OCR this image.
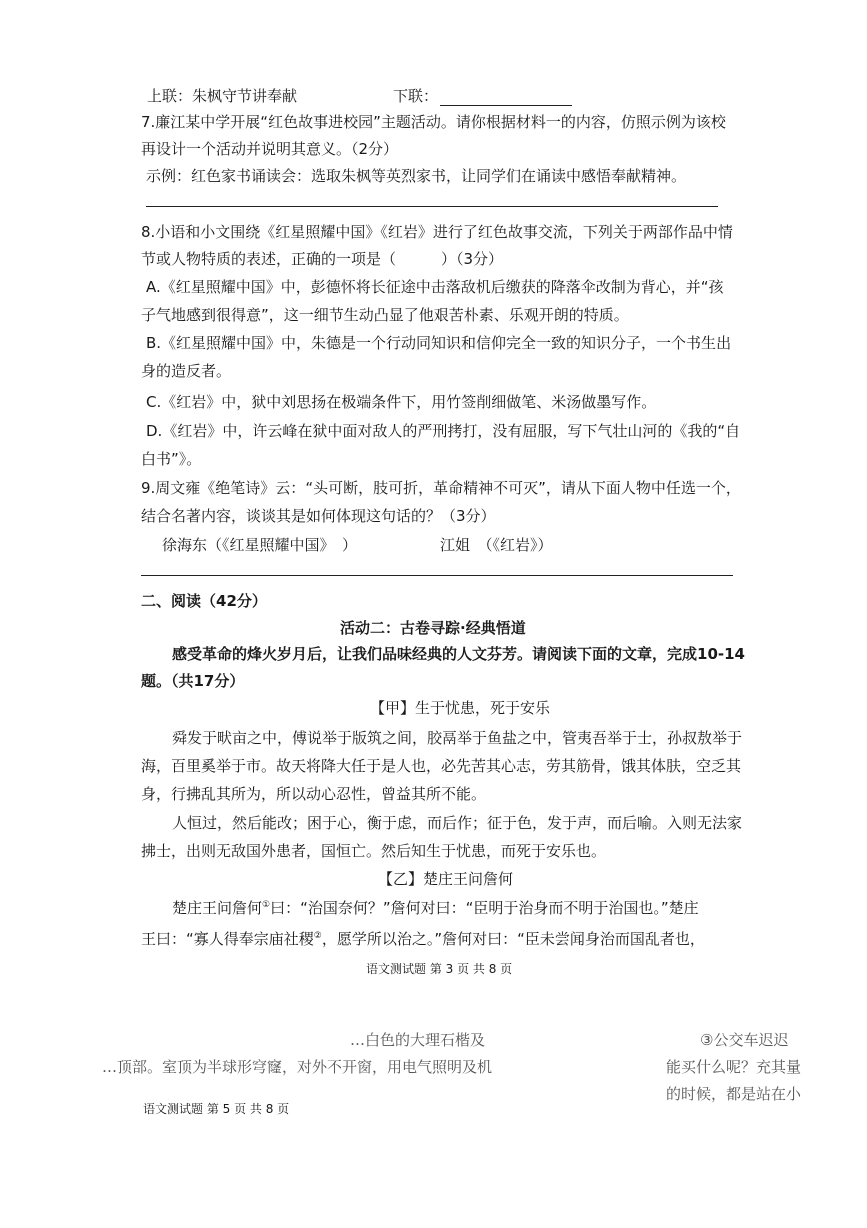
上联：朱枫守节讲奉献	下联：
7.廉江某中学开展“红色故事进校园”主题活动。请你根据材料一的内容，仿照示例为该校
再设计一个活动并说明其意义。（2分）
示例：红色家书诵读会：选取朱枫等英烈家书，让同学们在诵读中感悟奉献精神。
8.小语和小文围绕《红星照耀中国》《红岩》进行了红色故事交流，下列关于两部作品中情
节或人物特质的表述，正确的一项是（　　　）（3分）
A.《红星照耀中国》中，彭德怀将长征途中击落敌机后缴获的降落伞改制为背心，并“孩
子气地感到很得意”，这一细节生动凸显了他艰苦朴素、乐观开朗的特质。
B.《红星照耀中国》中，朱德是一个行动同知识和信仰完全一致的知识分子，一个书生出
身的造反者。
C.《红岩》中，狱中刘思扬在极端条件下，用竹签削细做笔、米汤做墨写作。
D.《红岩》中，许云峰在狱中面对敌人的严刑拷打，没有屈服，写下气壮山河的《我的“自
白书”》。
9.周文雍《绝笔诗》云：“头可断，肢可折，革命精神不可灭”，请从下面人物中任选一个，
结合名著内容，谈谈其是如何体现这句话的？（3分）
徐海东（《红星照耀中国》　）	江姐　（《红岩》）
二、阅读（42分）
活动二：古卷寻踪·经典悟道
感受革命的烽火岁月后，让我们品味经典的人文芬芳。请阅读下面的文章，完成10-14
题。（共17分）
【甲】生于忧患，死于安乐
舜发于畎亩之中，傅说举于版筑之间，胶鬲举于鱼盐之中，管夷吾举于士，孙叔敖举于
海，百里奚举于市。故天将降大任于是人也，必先苦其心志，劳其筋骨，饿其体肤，空乏其
身，行拂乱其所为，所以动心忍性，曾益其所不能。
人恒过，然后能改；困于心，衡于虑，而后作；征于色，发于声，而后喻。入则无法家
拂士，出则无敌国外患者，国恒亡。然后知生于忧患，而死于安乐也。
【乙】楚庄王问詹何
楚庄王问詹何①曰：“治国奈何？”詹何对曰：“臣明于治身而不明于治国也。”楚庄
王曰：“寡人得奉宗庙社稷②，愿学所以治之。”詹何对曰：“臣未尝闻身治而国乱者也，
语文测试题 第 3 页 共 8 页
…白色的大理石楷及
…顶部。室顶为半球形穹窿，对外不开窗，用电气照明及机
语文测试题 第 5 页 共 8 页
③公交车迟迟
能买什么呢？充其量
的时候，都是站在小
